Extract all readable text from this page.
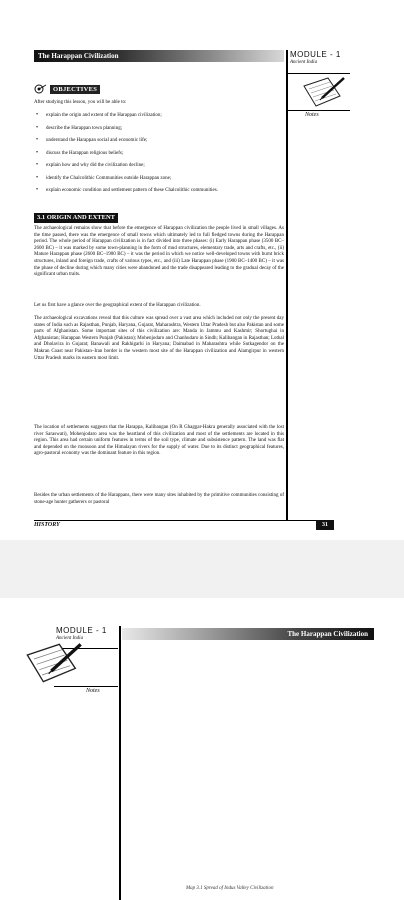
The Harappan Civilization	MODULE - 1
Ancient India
Notes
OBJECTIVES
After studying this lesson, you will be able to:
• explain the origin and extent of the Harappan civilization;
• describe the Harappan town planning;
• understand the Harappan social and economic life;
• discuss the Harappan religious beliefs;
• explain how and why did the civilization decline;
• identify the Chalcolithic Communities outside Harappan zone;
• explain economic condition and settlement pattern of these Chalcolithic communities.
3.1 ORIGIN AND EXTENT

The archaeological remains show that before the emergence of Harappan civilization the people lived in small villages. As the time passed, there was the emergence of small towns which ultimately led to full fledged towns during the Harappan period. The whole period of Harappan civilization is in fact divided into three phases: (i) Early Harappan phase (3500 BC–2600 BC) – it was marked by some town-planning in the form of mud structures, elementary trade, arts and crafts, etc., (ii) Mature Harappan phase (2600 BC–1900 BC) – it was the period in which we notice well-developed towns with burnt brick structures, inland and foreign trade, crafts of various types, etc., and (iii) Late Harappan phase (1900 BC–1400 BC) – it was the phase of decline during which many cities were abandoned and the trade disappeared leading to the gradual decay of the significant urban traits.

Let us first have a glance over the geographical extent of the Harappan civilization.

The archaeological excavations reveal that this culture was spread over a vast area which included not only the present day states of India such as Rajasthan, Punjab, Haryana, Gujarat, Maharashtra, Western Uttar Pradesh but also Pakistan and some parts of Afghanistan. Some important sites of this civilization are: Manda in Jammu and Kashmir; Shortughai in Afghanistan; Harappan Western Punjab (Pakistan); Mohenjodaro and Chanhudaro in Sindh; Kalibangan in Rajasthan; Lothal and Dholavira in Gujarat; Banawali and Rakhigarhi in Haryana; Daimabad in Maharashtra while Sutkagendor on the Makran Coast near Pakistan–Iran border is the western most site of the Harappan civilization and Alamgirpur in western Uttar Pradesh marks its eastern most limit.

The location of settlements suggests that the Harappa, Kalibangan (On R Ghaggar-Hakra generally associated with the lost river Saraswati), Mohenjodaro area was the heartland of this civilization and most of the settlements are located in this region. This area had certain uniform features in terms of the soil type, climate and subsistence pattern. The land was flat and depended on the monsoon and the Himalayan rivers for the supply of water. Due to its distinct geographical features, agro-pastoral economy was the dominant feature in this region.

Besides the urban settlements of the Harappans, there were many sites inhabited by the primitive communities consisting of stone-age hunter gatherers or pastoral

HISTORY	31
MODULE - 1
Ancient India
Notes
The Harappan Civilization
Map 3.1 Spread of Indus Valley Civilization
